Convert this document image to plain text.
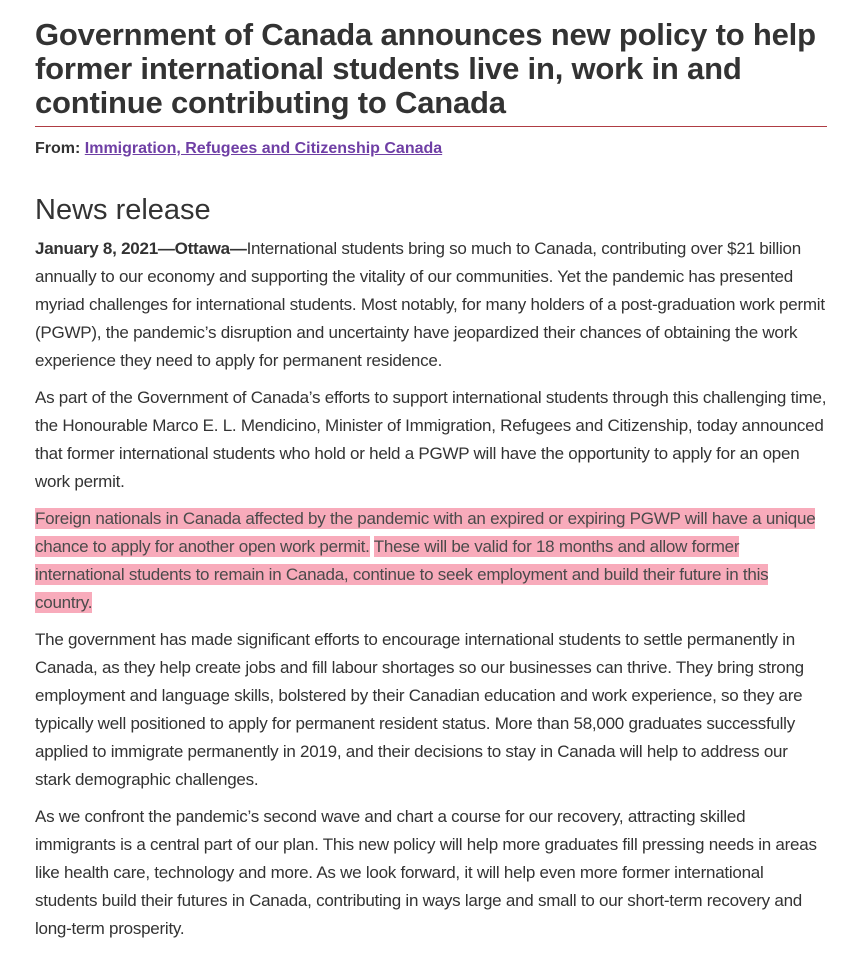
Government of Canada announces new policy to help former international students live in, work in and continue contributing to Canada
From: Immigration, Refugees and Citizenship Canada
News release

January 8, 2021—Ottawa—International students bring so much to Canada, contributing over $21 billion annually to our economy and supporting the vitality of our communities. Yet the pandemic has presented myriad challenges for international students. Most notably, for many holders of a post-graduation work permit (PGWP), the pandemic’s disruption and uncertainty have jeopardized their chances of obtaining the work experience they need to apply for permanent residence.

As part of the Government of Canada’s efforts to support international students through this challenging time, the Honourable Marco E. L. Mendicino, Minister of Immigration, Refugees and Citizenship, today announced that former international students who hold or held a PGWP will have the opportunity to apply for an open work permit.

Foreign nationals in Canada affected by the pandemic with an expired or expiring PGWP will have a unique chance to apply for another open work permit. These will be valid for 18 months and allow former international students to remain in Canada, continue to seek employment and build their future in this country.

The government has made significant efforts to encourage international students to settle permanently in Canada, as they help create jobs and fill labour shortages so our businesses can thrive. They bring strong employment and language skills, bolstered by their Canadian education and work experience, so they are typically well positioned to apply for permanent resident status. More than 58,000 graduates successfully applied to immigrate permanently in 2019, and their decisions to stay in Canada will help to address our stark demographic challenges.

As we confront the pandemic’s second wave and chart a course for our recovery, attracting skilled immigrants is a central part of our plan. This new policy will help more graduates fill pressing needs in areas like health care, technology and more. As we look forward, it will help even more former international students build their futures in Canada, contributing in ways large and small to our short-term recovery and long-term prosperity.
